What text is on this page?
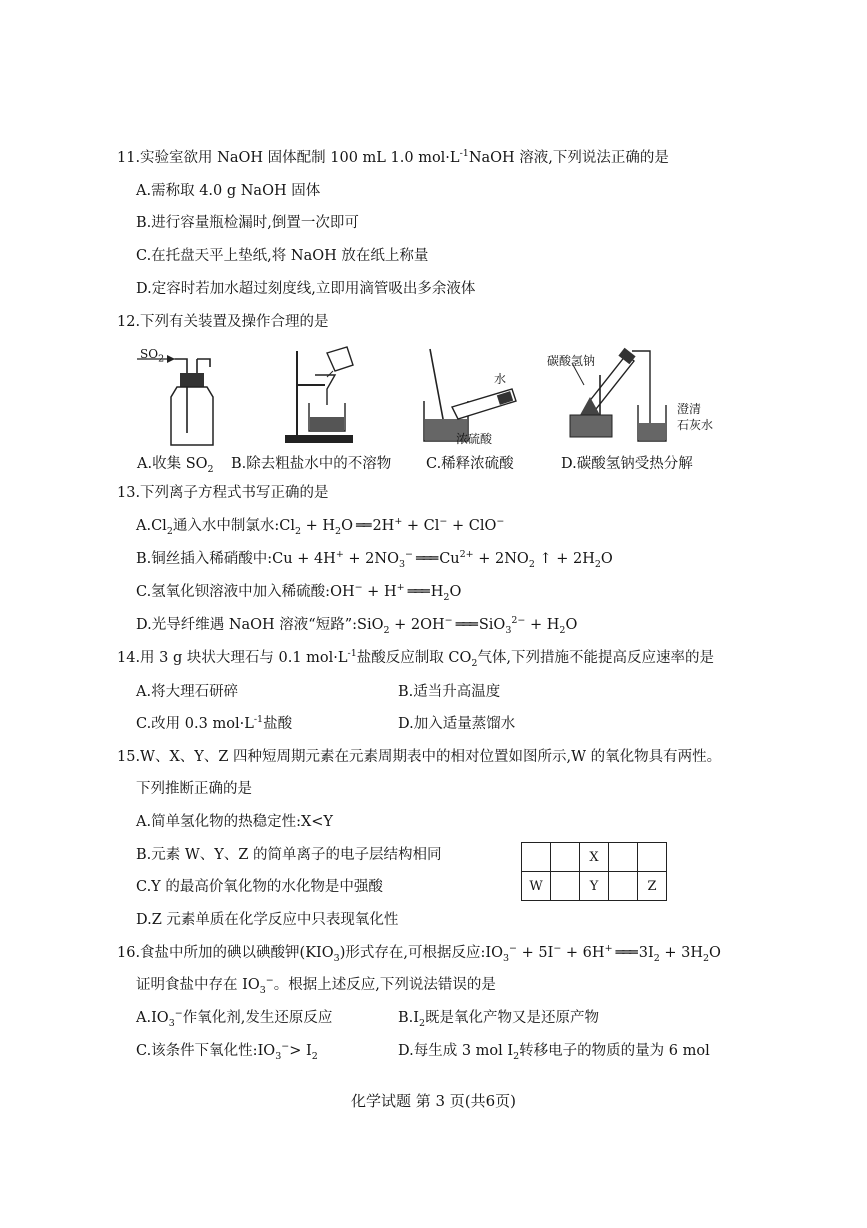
11.实验室欲用 NaOH 固体配制 100 mL 1.0 $mol\cdot L^{-1}NaOH$ 溶液,下列说法正确的是
A.需称取 4.0 g NaOH 固体
B.进行容量瓶检漏时,倒置一次即可
C.在托盘天平上垫纸,将 NaOH 放在纸上称量
D.定容时若加水超过刻度线,立即用滴管吸出多余液体
12.下列有关装置及操作合理的是
$SO_2$
水
浓硫酸
碳酸氢钠
澄清
石灰水
A.收集 $SO_2$ B.除去粗盐水中的不溶物 C.稀释浓硫酸	D.碳酸氢钠受热分解
13.下列离子方程式书写正确的是
$A.Cl_2$通入水中制氯水$:Cl_2 + H_2O$ ══ 2H+ + Cl− + ClO−
B.铜丝插入稀硝酸中:Cu + $4H^+ + 2NO_3^-$ ═══ $Cu^{2+} + 2NO_2$ ↑ + $2H_2O$
C.氢氧化钡溶液中加入稀硫酸:OH− + H+ ═══ $H_2O$
D.光导纤维遇 NaOH 溶液“短路”:SiO$_2$ + 2OH− ═══ $SiO_3^{2-} + H_2O$
14.用 3 g 块状大理石与 0.1 $mol\cdot L^{-1}$盐酸反应制取 $CO_2$气体,下列措施不能提高反应速率的是
A.将大理石研碎	B.适当升高温度
C.改用 0.3 $mol\cdot L^{-1}$盐酸	D.加入适量蒸馏水
15.W、X、Y、Z 四种短周期元素在元素周期表中的相对位置如图所示,W 的氧化物具有两性。
下列推断正确的是
A.简单氢化物的热稳定性:X<Y
B.元素 W、Y、Z 的简单离子的电子层结构相同
C.Y 的最高价氧化物的水化物是中强酸
D.Z 元素单质在化学反应中只表现氧化性
		X		
W		Y		Z
16.食盐中所加的碘以碘酸钾$(KIO_3)$形式存在,可根据反应$:IO_3^- + 5I^- + 6H^+$ ═══ $3I_2 + 3H_2O$
证明食盐中存在 $IO_3^-$。根据上述反应,下列说法错误的是
$A.IO_3^-$作氧化剂,发生还原反应	$B.I_2$既是氧化产物又是还原产物
C.该条件下氧化性$:IO_3^-> I_2$	D.每生成 3 mol $I_2$转移电子的物质的量为 6 mol
化学试题 第 3 页(共6页)
